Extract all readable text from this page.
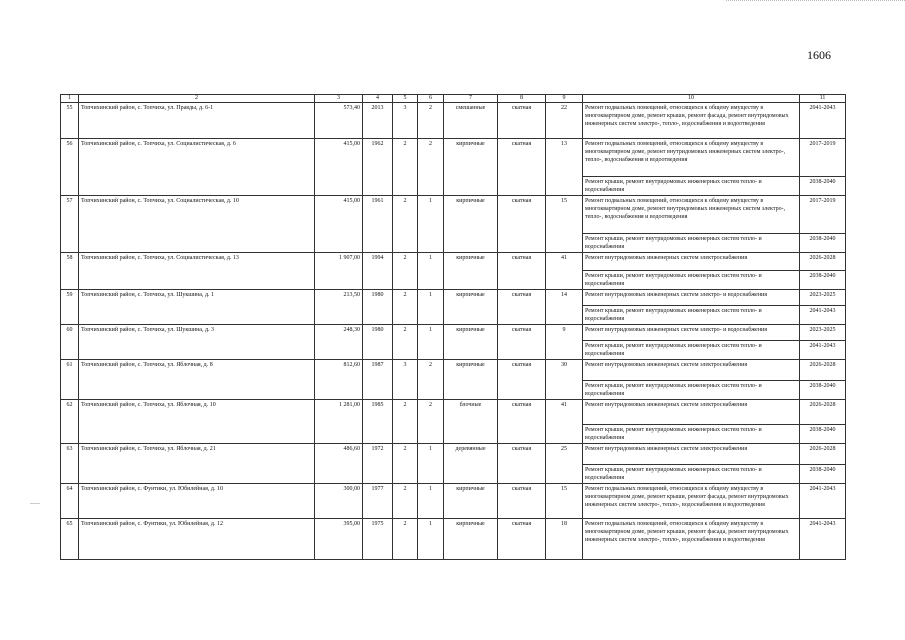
1606
1	2	3	4	5	6	7	8	9	10	11
55	Топчихинский район, с. Топчиха, ул. Правды, д. 6-1	573,40	2013	3	2	смешанные	скатная	22	Ремонт подвальных помещений, относящихся к общему имуществу в многоквартирном доме, ремонт крыши, ремонт фасада, ремонт внутридомовых инженерных систем электро-, тепло-, водоснабжения и водоотведения	2041-2043
56	Топчихинский район, с. Топчиха, ул. Социалистическая, д. 6	415,00	1962	2	2	кирпичные	скатная	13	Ремонт подвальных помещений, относящихся к общему имуществу в многоквартирном доме, ремонт внутридомовых инженерных систем электро-, тепло-, водоснабжения и водоотведения	2017-2019
									Ремонт крыши, ремонт внутридомовых инженерных систем тепло- и водоснабжения	2038-2040
57	Топчихинский район, с. Топчиха, ул. Социалистическая, д. 10	415,00	1961	2	1	кирпичные	скатная	15	Ремонт подвальных помещений, относящихся к общему имуществу в многоквартирном доме, ремонт внутридомовых инженерных систем электро-, тепло-, водоснабжения и водоотведения	2017-2019
									Ремонт крыши, ремонт внутридомовых инженерных систем тепло- и водоснабжения	2038-2040
58	Топчихинский район, с. Топчиха, ул. Социалистическая, д. 13	1 907,00	1994	2	1	кирпичные	скатная	41	Ремонт внутридомовых инженерных систем электроснабжения	2026-2028
									Ремонт крыши, ремонт внутридомовых инженерных систем тепло- и водоснабжения	2038-2040
59	Топчихинский район, с. Топчиха, ул. Шукшина, д. 1	213,50	1980	2	1	кирпичные	скатная	14	Ремонт внутридомовых инженерных систем электро- и водоснабжения	2023-2025
									Ремонт крыши, ремонт внутридомовых инженерных систем тепло- и водоснабжения	2041-2043
60	Топчихинский район, с. Топчиха, ул. Шукшина, д. 3	248,30	1980	2	1	кирпичные	скатная	9	Ремонт внутридомовых инженерных систем электро- и водоснабжения	2023-2025
									Ремонт крыши, ремонт внутридомовых инженерных систем тепло- и водоснабжения	2041-2043
61	Топчихинский район, с. Топчиха, ул. Яблочная, д. 8	812,60	1987	3	2	кирпичные	скатная	30	Ремонт внутридомовых инженерных систем электроснабжения	2026-2028
									Ремонт крыши, ремонт внутридомовых инженерных систем тепло- и водоснабжения	2038-2040
62	Топчихинский район, с. Топчиха, ул. Яблочная, д. 10	1 281,00	1985	2	2	блочные	скатная	41	Ремонт внутридомовых инженерных систем электроснабжения	2026-2028
									Ремонт крыши, ремонт внутридомовых инженерных систем тепло- и водоснабжения	2038-2040
63	Топчихинский район, с. Топчиха, ул. Яблочная, д. 21	486,60	1972	2	1	деревянные	скатная	25	Ремонт внутридомовых инженерных систем электроснабжения	2026-2028
									Ремонт крыши, ремонт внутридомовых инженерных систем тепло- и водоснабжения	2038-2040
64	Топчихинский район, с. Фунтики, ул. Юбилейная, д. 10	300,00	1977	2	1	кирпичные	скатная	15	Ремонт подвальных помещений, относящихся к общему имуществу в многоквартирном доме, ремонт крыши, ремонт фасада, ремонт внутридомовых инженерных систем электро-, тепло-, водоснабжения и водоотведения	2041-2043
65	Топчихинский район, с. Фунтики, ул. Юбилейная, д. 12	395,00	1975	2	1	кирпичные	скатная	18	Ремонт подвальных помещений, относящихся к общему имуществу в многоквартирном доме, ремонт крыши, ремонт фасада, ремонт внутридомовых инженерных систем электро-, тепло-, водоснабжения и водоотведения	2041-2043
